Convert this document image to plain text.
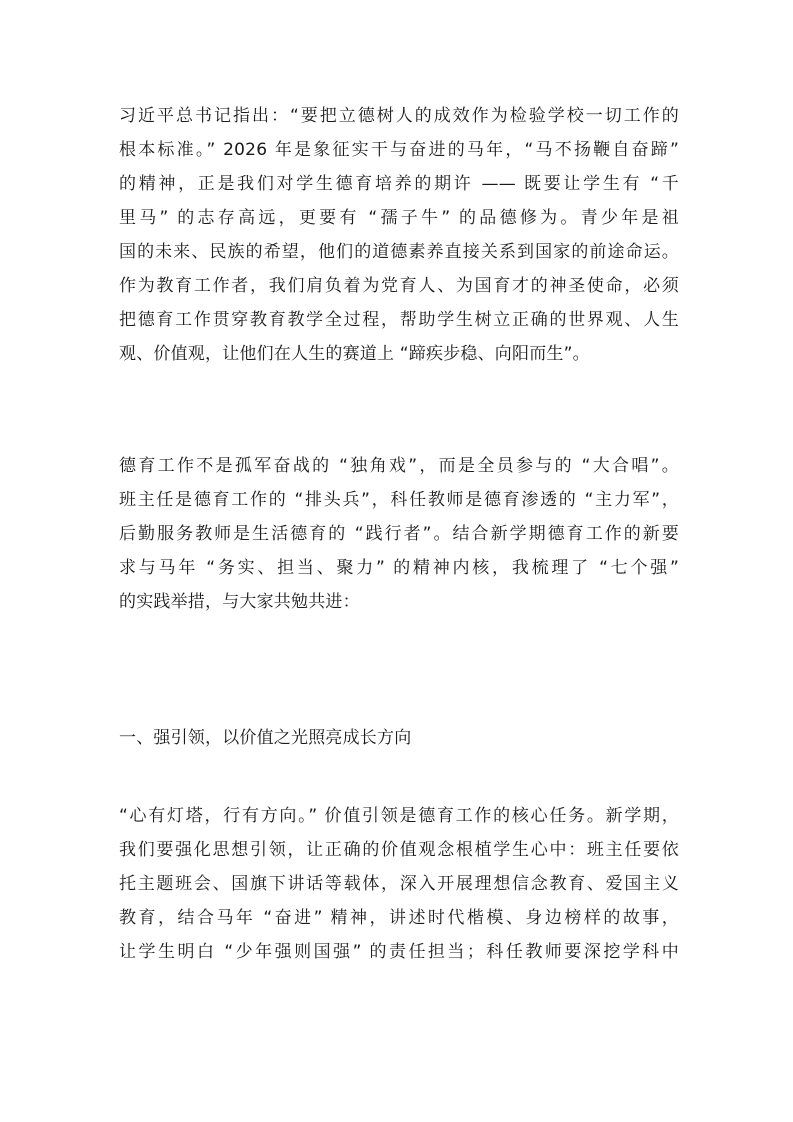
习近平总书记指出：“要把立德树人的成效作为检验学校一切工作的
根本标准。” 2026 年是象征实干与奋进的马年，“马不扬鞭自奋蹄”
的精神，正是我们对学生德育培养的期许 —— 既要让学生有 “千
里马” 的志存高远，更要有 “孺子牛” 的品德修为。青少年是祖
国的未来、民族的希望，他们的道德素养直接关系到国家的前途命运。
作为教育工作者，我们肩负着为党育人、为国育才的神圣使命，必须
把德育工作贯穿教育教学全过程，帮助学生树立正确的世界观、人生
观、价值观，让他们在人生的赛道上 “蹄疾步稳、向阳而生”。
德育工作不是孤军奋战的 “独角戏”，而是全员参与的 “大合唱”。
班主任是德育工作的 “排头兵”，科任教师是德育渗透的 “主力军”，
后勤服务教师是生活德育的 “践行者”。结合新学期德育工作的新要
求与马年 “务实、担当、聚力” 的精神内核，我梳理了 “七个强”
的实践举措，与大家共勉共进：
一、强引领，以价值之光照亮成长方向
“心有灯塔，行有方向。” 价值引领是德育工作的核心任务。新学期，
我们要强化思想引领，让正确的价值观念根植学生心中：班主任要依
托主题班会、国旗下讲话等载体，深入开展理想信念教育、爱国主义
教育，结合马年 “奋进” 精神，讲述时代楷模、身边榜样的故事，
让学生明白 “少年强则国强” 的责任担当；科任教师要深挖学科中
